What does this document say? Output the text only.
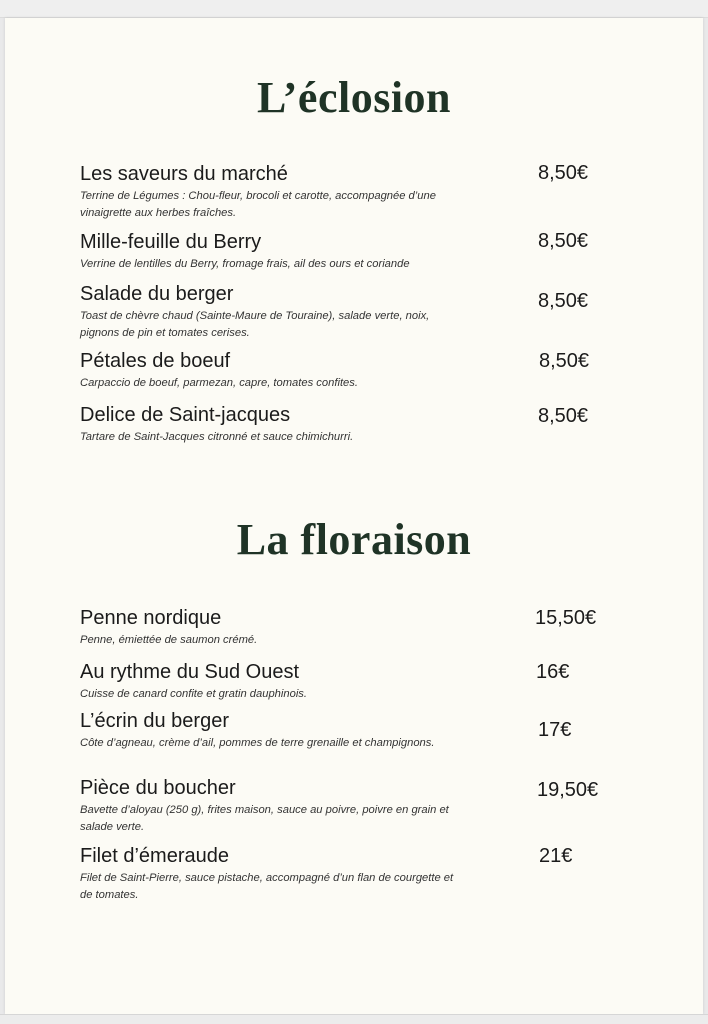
L’éclosion
Les saveurs du marché
Terrine de Légumes : Chou-fleur, brocoli et carotte, accompagnée d’une vinaigrette aux herbes fraîches.
8,50€
Mille-feuille du Berry
Verrine de lentilles du Berry, fromage frais, ail des ours et coriande
8,50€
Salade du berger
Toast de chèvre chaud (Sainte-Maure de Touraine), salade verte, noix, pignons de pin et tomates cerises.
8,50€
Pétales de boeuf
Carpaccio de boeuf, parmezan, capre, tomates confites.
8,50€
Delice de Saint-jacques
Tartare de Saint-Jacques citronné et sauce chimichurri.
8,50€
La floraison
Penne nordique
Penne, émiettée de saumon crémé.
15,50€
Au rythme du Sud Ouest
Cuisse de canard confite et gratin dauphinois.
16€
L’écrin du berger
Côte d’agneau, crème d’ail, pommes de terre grenaille et champignons.
17€
Pièce du boucher
Bavette d’aloyau (250 g), frites maison, sauce au poivre, poivre en grain et salade verte.
19,50€
Filet d’émeraude
Filet de Saint-Pierre, sauce pistache, accompagné d’un flan de courgette et de tomates.
21€
